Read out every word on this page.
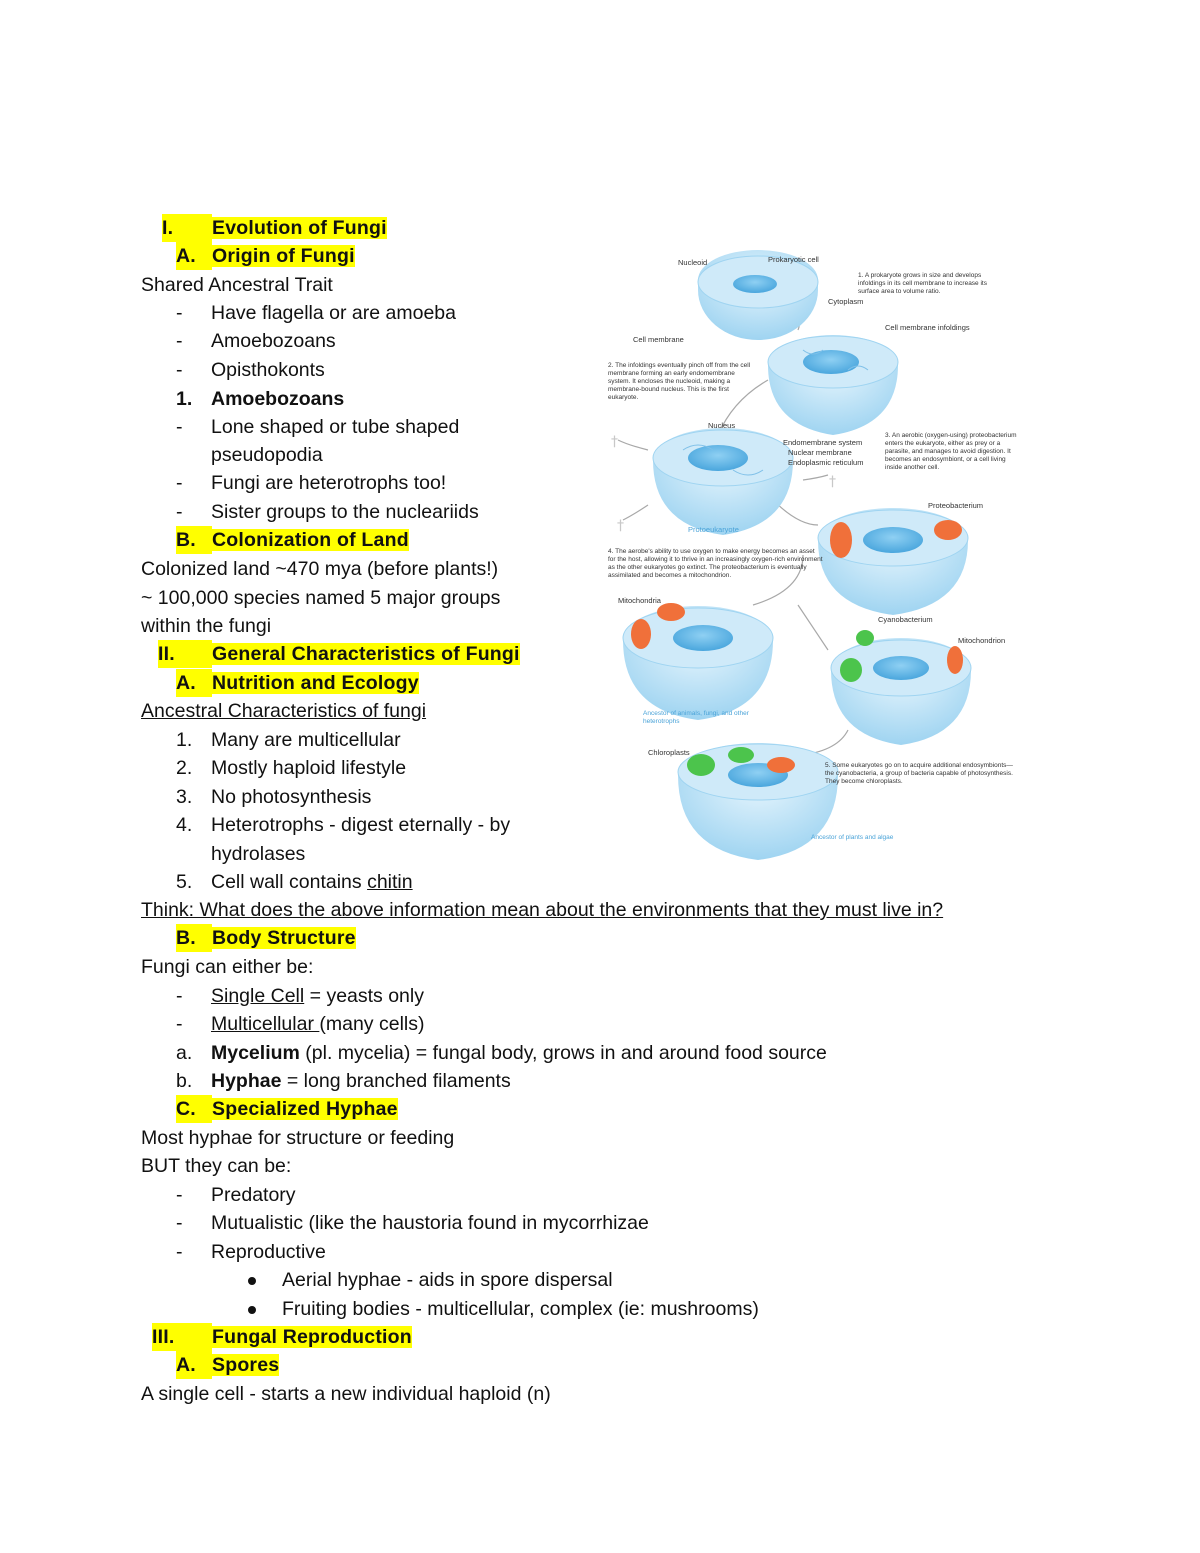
I. Evolution of Fungi
A. Origin of Fungi
Shared Ancestral Trait
- Have flagella or are amoeba
- Amoebozoans
- Opisthokonts
1. Amoebozoans
- Lone shaped or tube shaped
pseudopodia
- Fungi are heterotrophs too!
- Sister groups to the nucleariids
B. Colonization of Land
Colonized land ~470 mya (before plants!)
~ 100,000 species named 5 major groups
within the fungi
II. General Characteristics of Fungi
A. Nutrition and Ecology
Ancestral Characteristics of fungi
1. Many are multicellular
2. Mostly haploid lifestyle
3. No photosynthesis
4. Heterotrophs - digest eternally - by
hydrolases
5. Cell wall contains chitin
Think: What does the above information mean about the environments that they must live in?
B. Body Structure
Fungi can either be:
- Single Cell = yeasts only
- Multicellular (many cells)
a. Mycelium (pl. mycelia) = fungal body, grows in and around food source
b. Hyphae = long branched filaments
C. Specialized Hyphae
Most hyphae for structure or feeding
BUT they can be:
- Predatory
- Mutualistic (like the haustoria found in mycorrhizae
- Reproductive
Aerial hyphae - aids in spore dispersal
Fruiting bodies - multicellular, complex (ie: mushrooms)
III. Fungal Reproduction
A. Spores
A single cell - starts a new individual haploid (n)
†
†
†
Nucleoid	Prokaryotic cell
Cytoplasm
Cell membrane
Cell membrane infoldings
Nucleus
Endomembrane system
Nuclear membrane
Endoplasmic reticulum
Protoeukaryote
Proteobacterium
Mitochondria
Cyanobacterium
Mitochondrion
Chloroplasts
1. A prokaryote grows in size and develops infoldings in its cell membrane to increase its surface area to volume ratio.
2. The infoldings eventually pinch off from the cell membrane forming an early endomembrane system. It encloses the nucleoid, making a membrane-bound nucleus. This is the first eukaryote.
3. An aerobic (oxygen-using) proteobacterium enters the eukaryote, either as prey or a parasite, and manages to avoid digestion. It becomes an endosymbiont, or a cell living inside another cell.
4. The aerobe's ability to use oxygen to make energy becomes an asset for the host, allowing it to thrive in an increasingly oxygen-rich environment as the other eukaryotes go extinct. The proteobacterium is eventually assimilated and becomes a mitochondrion.
5. Some eukaryotes go on to acquire additional endosymbionts—the cyanobacteria, a group of bacteria capable of photosynthesis. They become chloroplasts.
Ancestor of animals, fungi, and other heterotrophs
Ancestor of plants and algae
